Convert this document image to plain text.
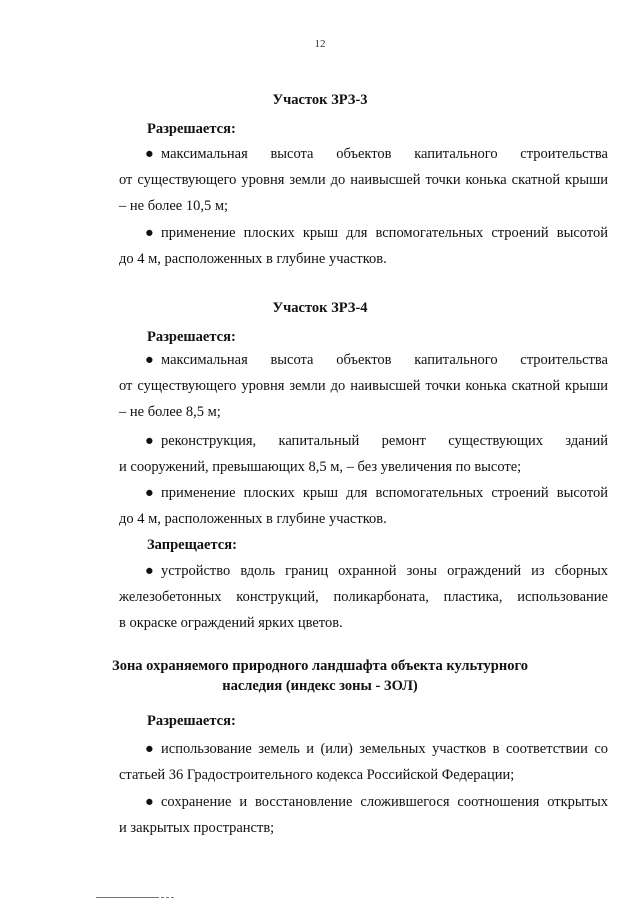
12
Участок ЗРЗ-3
Разрешается:
● максимальная высота объектов капитального строительства
от существующего уровня земли до наивысшей точки конька скатной крыши
– не более 10,5 м;
● применение плоских крыш для вспомогательных строений высотой
до 4 м, расположенных в глубине участков.
Участок ЗРЗ-4
Разрешается:
● максимальная высота объектов капитального строительства
от существующего уровня земли до наивысшей точки конька скатной крыши
– не более 8,5 м;
● реконструкция, капитальный ремонт существующих зданий
и сооружений, превышающих 8,5 м, – без увеличения по высоте;
● применение плоских крыш для вспомогательных строений высотой
до 4 м, расположенных в глубине участков.
Запрещается:
● устройство вдоль границ охранной зоны ограждений из сборных
железобетонных конструкций, поликарбоната, пластика, использование
в окраске ограждений ярких цветов.
Зона охраняемого природного ландшафта объекта культурного
наследия (индекс зоны - ЗОЛ)
Разрешается:
● использование земель и (или) земельных участков в соответствии со
статьей 36 Градостроительного кодекса Российской Федерации;
● сохранение и восстановление сложившегося соотношения открытых
и закрытых пространств;
